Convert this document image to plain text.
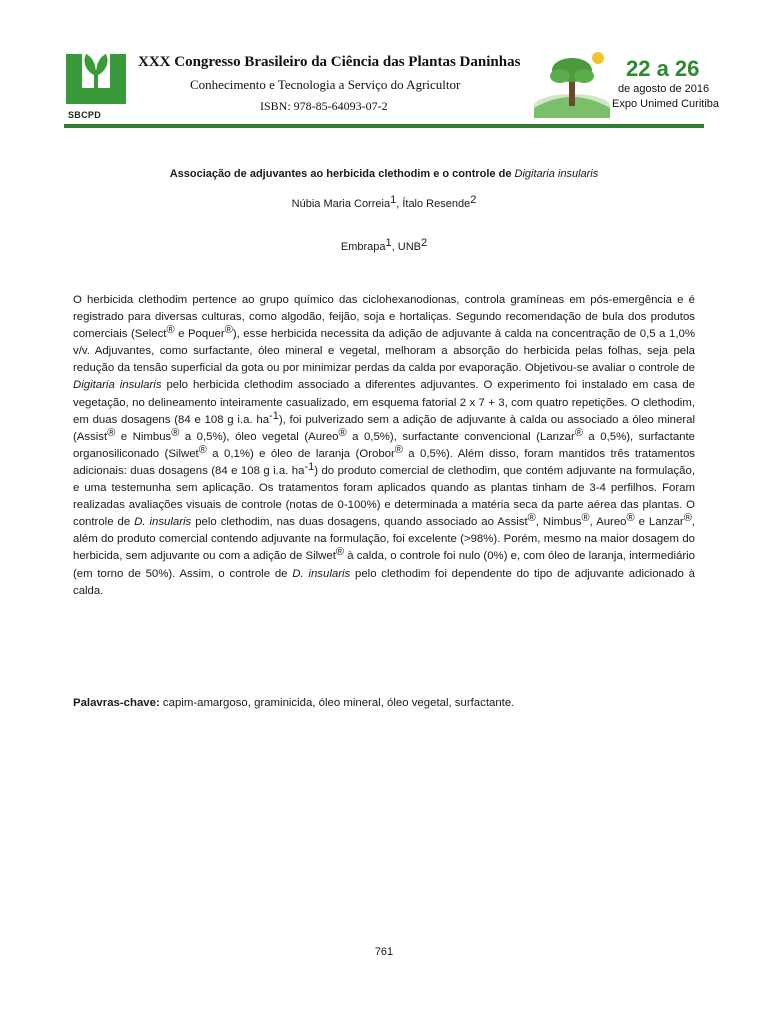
SBCPD
XXX Congresso Brasileiro da Ciência das Plantas Daninhas
Conhecimento e Tecnologia a Serviço do Agricultor
ISBN: 978-85-64093-07-2
22 a 26
de agosto de 2016
Expo Unimed Curitiba
Associação de adjuvantes ao herbicida clethodim e o controle de Digitaria insularis
Núbia Maria Correia$^1$, Ítalo Resende$^2$
Embrapa$^1$, UNB$^2$
O herbicida clethodim pertence ao grupo químico das ciclohexanodionas, controla gramíneas em pós-emergência e é registrado para diversas culturas, como algodão, feijão, soja e hortaliças. Segundo recomendação de bula dos produtos comerciais (Select® e Poquer®), esse herbicida necessita da adição de adjuvante à calda na concentração de 0,5 a 1,0% v/v. Adjuvantes, como surfactante, óleo mineral e vegetal, melhoram a absorção do herbicida pelas folhas, seja pela redução da tensão superficial da gota ou por minimizar perdas da calda por evaporação. Objetivou-se avaliar o controle de Digitaria insularis pelo herbicida clethodim associado a diferentes adjuvantes. O experimento foi instalado em casa de vegetação, no delineamento inteiramente casualizado, em esquema fatorial 2 x 7 + 3, com quatro repetições. O clethodim, em duas dosagens (84 e 108 g i.a. $ha^{-1}$), foi pulverizado sem a adição de adjuvante à calda ou associado a óleo mineral (Assist® e Nimbus® a 0,5%), óleo vegetal (Aureo® a 0,5%), surfactante convencional (Lanzar® a 0,5%), surfactante organosiliconado (Silwet® a 0,1%) e óleo de laranja (Orobor® a 0,5%). Além disso, foram mantidos três tratamentos adicionais: duas dosagens (84 e 108 g i.a. $ha^{-1}$) do produto comercial de clethodim, que contém adjuvante na formulação, e uma testemunha sem aplicação. Os tratamentos foram aplicados quando as plantas tinham de 3-4 perfilhos. Foram realizadas avaliações visuais de controle (notas de 0-100%) e determinada a matéria seca da parte aérea das plantas. O controle de D. insularis pelo clethodim, nas duas dosagens, quando associado ao Assist®, Nimbus®, Aureo® e Lanzar®, além do produto comercial contendo adjuvante na formulação, foi excelente (>98%). Porém, mesmo na maior dosagem do herbicida, sem adjuvante ou com a adição de Silwet® à calda, o controle foi nulo (0%) e, com óleo de laranja, intermediário (em torno de 50%). Assim, o controle de D. insularis pelo clethodim foi dependente do tipo de adjuvante adicionado à calda.
Palavras-chave: capim-amargoso, graminicida, óleo mineral, óleo vegetal, surfactante.
761
